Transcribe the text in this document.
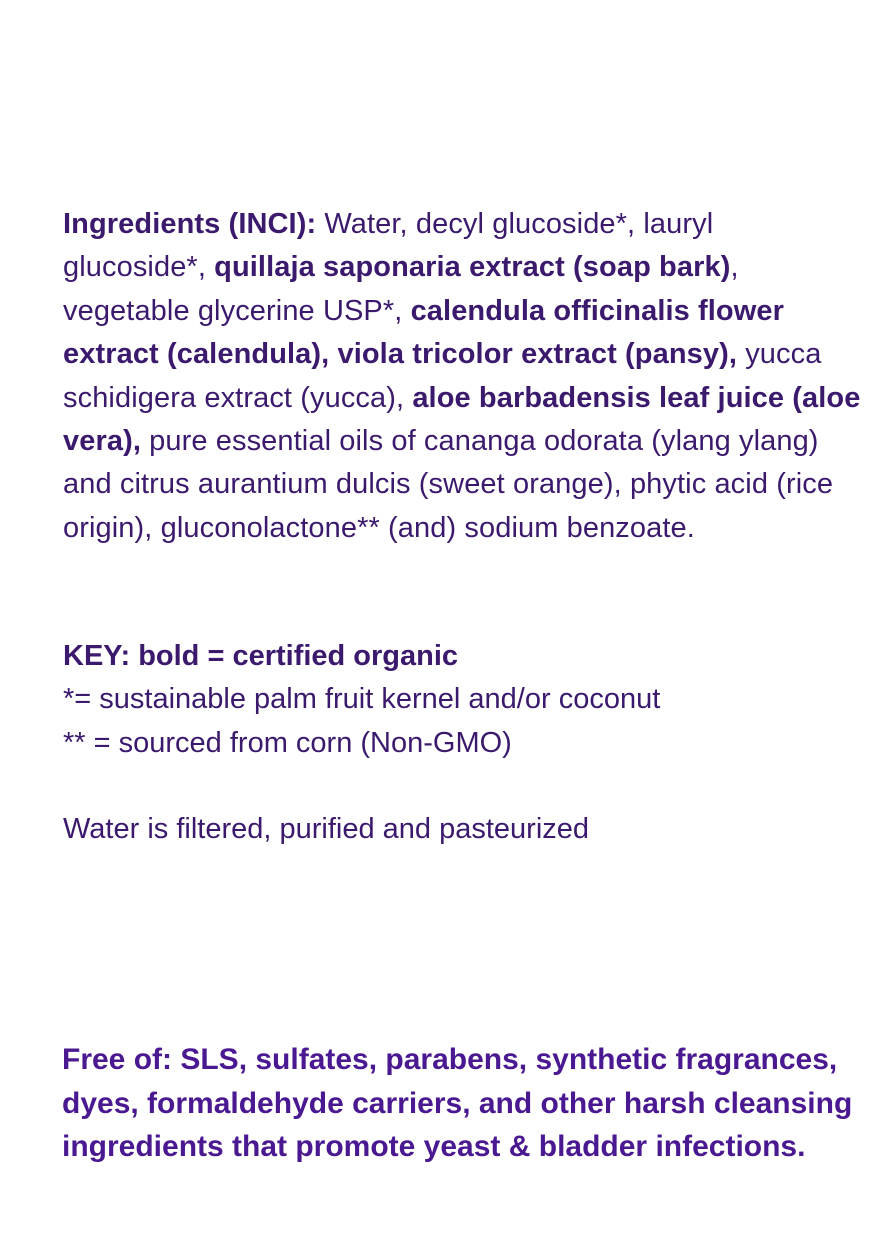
Ingredients (INCI): Water, decyl glucoside*, lauryl glucoside*, quillaja saponaria extract (soap bark), vegetable glycerine USP*, calendula officinalis flower extract (calendula), viola tricolor extract (pansy), yucca schidigera extract (yucca), aloe barbadensis leaf juice (aloe vera), pure essential oils of cananga odorata (ylang ylang) and citrus aurantium dulcis (sweet orange), phytic acid (rice origin), gluconolactone** (and) sodium benzoate.

KEY: bold = certified organic
*= sustainable palm fruit kernel and/or coconut
** = sourced from corn (Non-GMO)

Water is filtered, purified and pasteurized

Free of: SLS, sulfates, parabens, synthetic fragrances, dyes, formaldehyde carriers, and other harsh cleansing ingredients that promote yeast & bladder infections.
